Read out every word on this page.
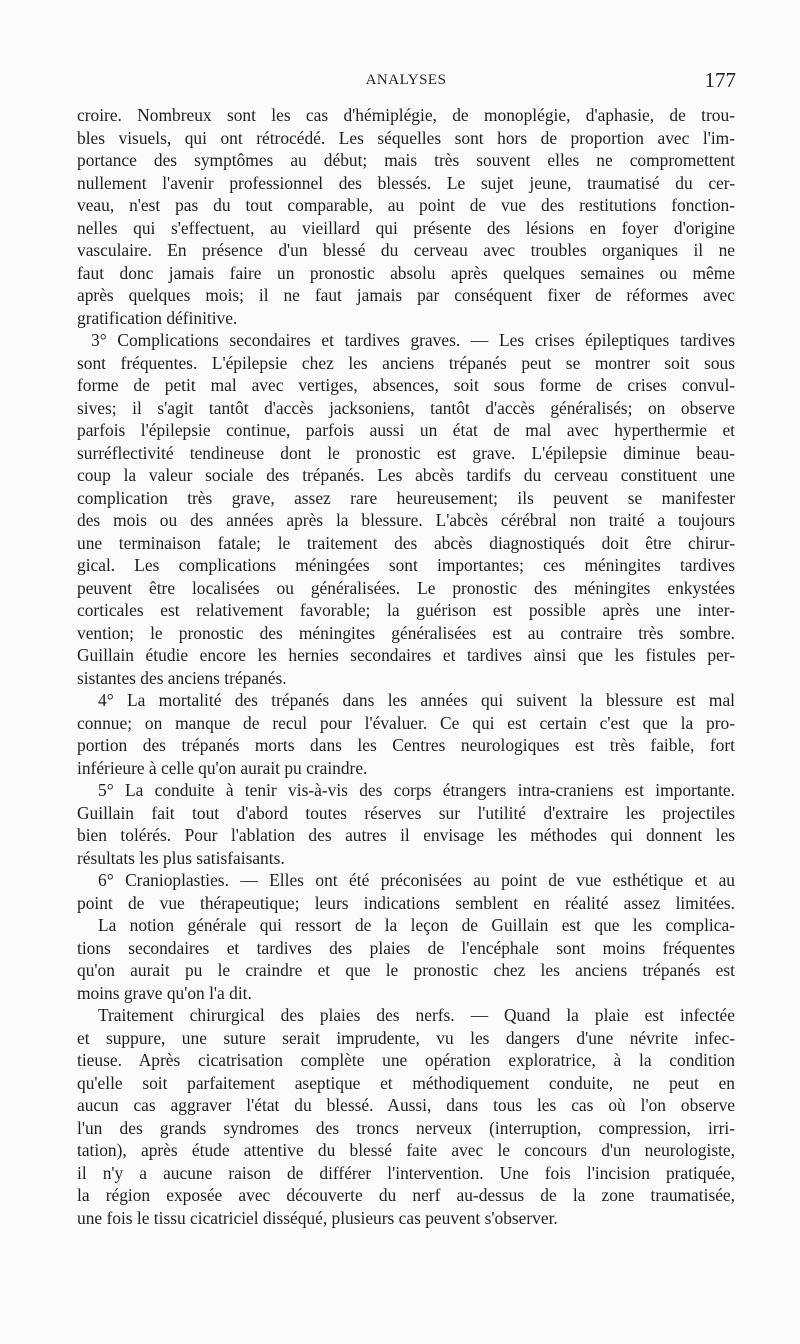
ANALYSES	177
croire. Nombreux sont les cas d'hémiplégie, de monoplégie, d'aphasie, de trou-
bles visuels, qui ont rétrocédé. Les séquelles sont hors de proportion avec l'im-
portance des symptômes au début; mais très souvent elles ne compromettent
nullement l'avenir professionnel des blessés. Le sujet jeune, traumatisé du cer-
veau, n'est pas du tout comparable, au point de vue des restitutions fonction-
nelles qui s'effectuent, au vieillard qui présente des lésions en foyer d'origine
vasculaire. En présence d'un blessé du cerveau avec troubles organiques il ne
faut donc jamais faire un pronostic absolu après quelques semaines ou même
après quelques mois; il ne faut jamais par conséquent fixer de réformes avec
gratification définitive.
3° Complications secondaires et tardives graves. — Les crises épileptiques tardives
sont fréquentes. L'épilepsie chez les anciens trépanés peut se montrer soit sous
forme de petit mal avec vertiges, absences, soit sous forme de crises convul-
sives; il s'agit tantôt d'accès jacksoniens, tantôt d'accès généralisés; on observe
parfois l'épilepsie continue, parfois aussi un état de mal avec hyperthermie et
surréflectivité tendineuse dont le pronostic est grave. L'épilepsie diminue beau-
coup la valeur sociale des trépanés. Les abcès tardifs du cerveau constituent une
complication très grave, assez rare heureusement; ils peuvent se manifester
des mois ou des années après la blessure. L'abcès cérébral non traité a toujours
une terminaison fatale; le traitement des abcès diagnostiqués doit être chirur-
gical. Les complications méningées sont importantes; ces méningites tardives
peuvent être localisées ou généralisées. Le pronostic des méningites enkystées
corticales est relativement favorable; la guérison est possible après une inter-
vention; le pronostic des méningites généralisées est au contraire très sombre.
Guillain étudie encore les hernies secondaires et tardives ainsi que les fistules per-
sistantes des anciens trépanés.
4° La mortalité des trépanés dans les années qui suivent la blessure est mal
connue; on manque de recul pour l'évaluer. Ce qui est certain c'est que la pro-
portion des trépanés morts dans les Centres neurologiques est très faible, fort
inférieure à celle qu'on aurait pu craindre.
5° La conduite à tenir vis-à-vis des corps étrangers intra-craniens est importante.
Guillain fait tout d'abord toutes réserves sur l'utilité d'extraire les projectiles
bien tolérés. Pour l'ablation des autres il envisage les méthodes qui donnent les
résultats les plus satisfaisants.
6° Cranioplasties. — Elles ont été préconisées au point de vue esthétique et au
point de vue thérapeutique; leurs indications semblent en réalité assez limitées.
La notion générale qui ressort de la leçon de Guillain est que les complica-
tions secondaires et tardives des plaies de l'encéphale sont moins fréquentes
qu'on aurait pu le craindre et que le pronostic chez les anciens trépanés est
moins grave qu'on l'a dit.
Traitement chirurgical des plaies des nerfs. — Quand la plaie est infectée
et suppure, une suture serait imprudente, vu les dangers d'une névrite infec-
tieuse. Après cicatrisation complète une opération exploratrice, à la condition
qu'elle soit parfaitement aseptique et méthodiquement conduite, ne peut en
aucun cas aggraver l'état du blessé. Aussi, dans tous les cas où l'on observe
l'un des grands syndromes des troncs nerveux (interruption, compression, irri-
tation), après étude attentive du blessé faite avec le concours d'un neurologiste,
il n'y a aucune raison de différer l'intervention. Une fois l'incision pratiquée,
la région exposée avec découverte du nerf au-dessus de la zone traumatisée,
une fois le tissu cicatriciel disséqué, plusieurs cas peuvent s'observer.
